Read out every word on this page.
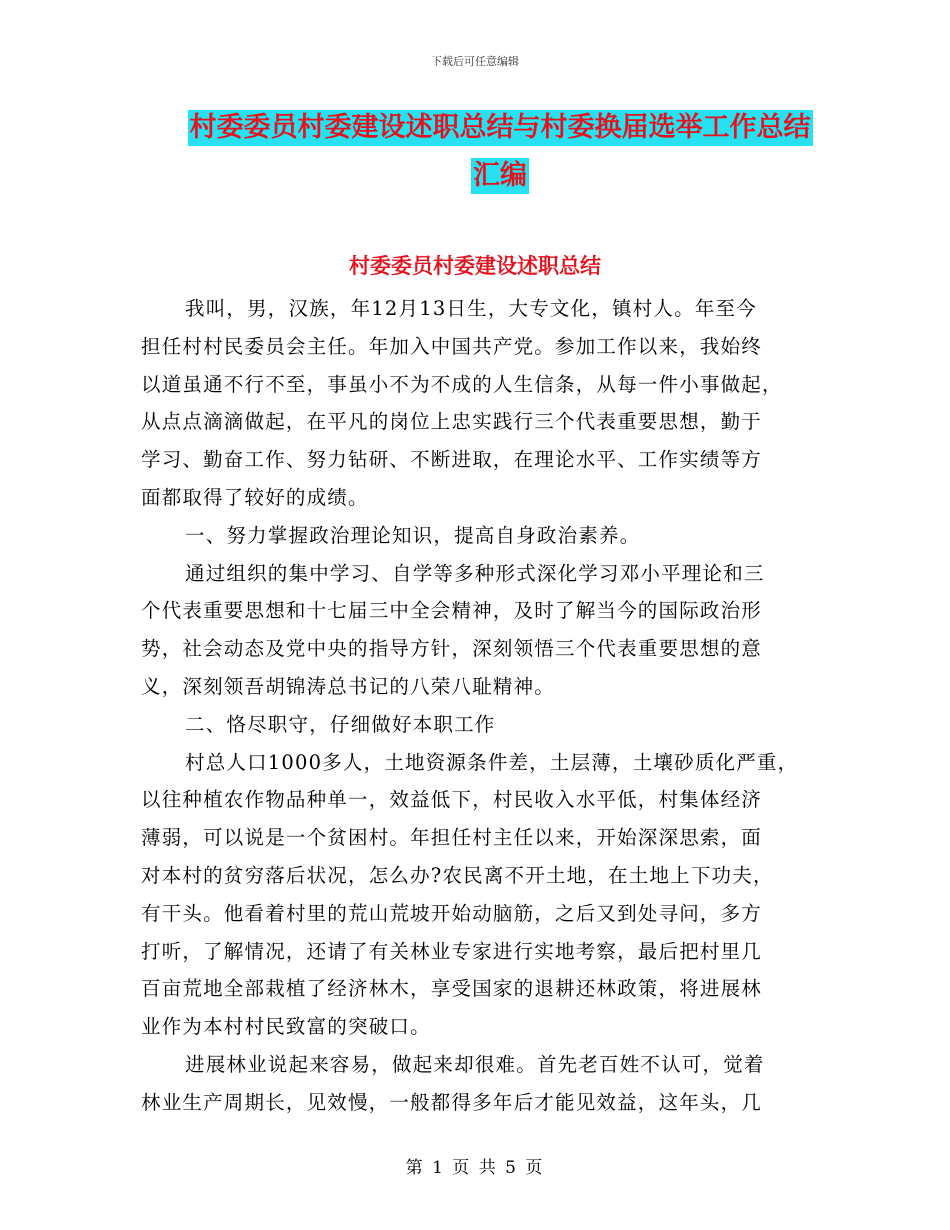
下载后可任意编辑
村委委员村委建设述职总结与村委换届选举工作总结
汇编
村委委员村委建设述职总结
我叫，男，汉族，年12月13日生，大专文化，镇村人。年至今
担任村村民委员会主任。年加入中国共产党。参加工作以来，我始终
以道虽通不行不至，事虽小不为不成的人生信条，从每一件小事做起，
从点点滴滴做起，在平凡的岗位上忠实践行三个代表重要思想，勤于
学习、勤奋工作、努力钻研、不断进取，在理论水平、工作实绩等方
面都取得了较好的成绩。
一、努力掌握政治理论知识，提高自身政治素养。
通过组织的集中学习、自学等多种形式深化学习邓小平理论和三
个代表重要思想和十七届三中全会精神，及时了解当今的国际政治形
势，社会动态及党中央的指导方针，深刻领悟三个代表重要思想的意
义，深刻领吾胡锦涛总书记的八荣八耻精神。
二、恪尽职守，仔细做好本职工作
村总人口1000多人，土地资源条件差，土层薄，土壤砂质化严重，
以往种植农作物品种单一，效益低下，村民收入水平低，村集体经济
薄弱，可以说是一个贫困村。年担任村主任以来，开始深深思索，面
对本村的贫穷落后状况，怎么办?农民离不开土地，在土地上下功夫，
有干头。他看着村里的荒山荒坡开始动脑筋，之后又到处寻问，多方
打听，了解情况，还请了有关林业专家进行实地考察，最后把村里几
百亩荒地全部栽植了经济林木，享受国家的退耕还林政策，将进展林
业作为本村村民致富的突破口。
进展林业说起来容易，做起来却很难。首先老百姓不认可，觉着
林业生产周期长，见效慢，一般都得多年后才能见效益，这年头，几
第 1 页 共 5 页
